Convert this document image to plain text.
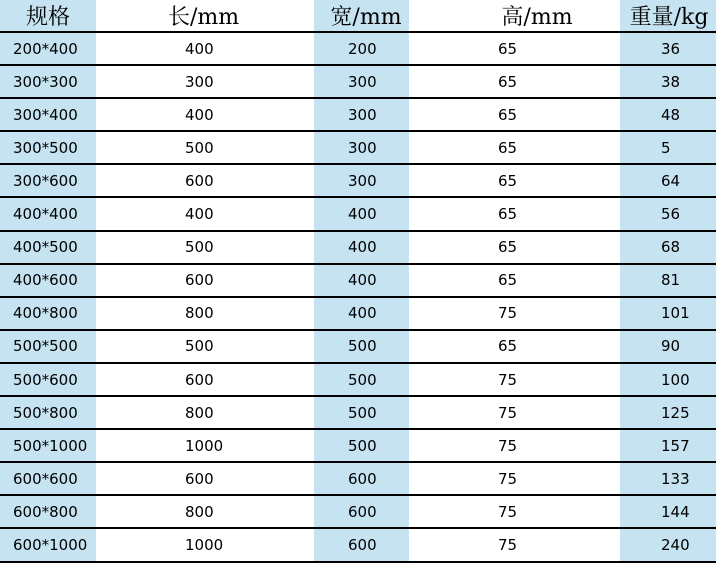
规格	长/mm	宽/mm	高/mm	重量/kg
200*400	400	200	65	36
300*300	300	300	65	38
300*400	400	300	65	48
300*500	500	300	65	5
300*600	600	300	65	64
400*400	400	400	65	56
400*500	500	400	65	68
400*600	600	400	65	81
400*800	800	400	75	101
500*500	500	500	65	90
500*600	600	500	75	100
500*800	800	500	75	125
500*1000	1000	500	75	157
600*600	600	600	75	133
600*800	800	600	75	144
600*1000	1000	600	75	240
